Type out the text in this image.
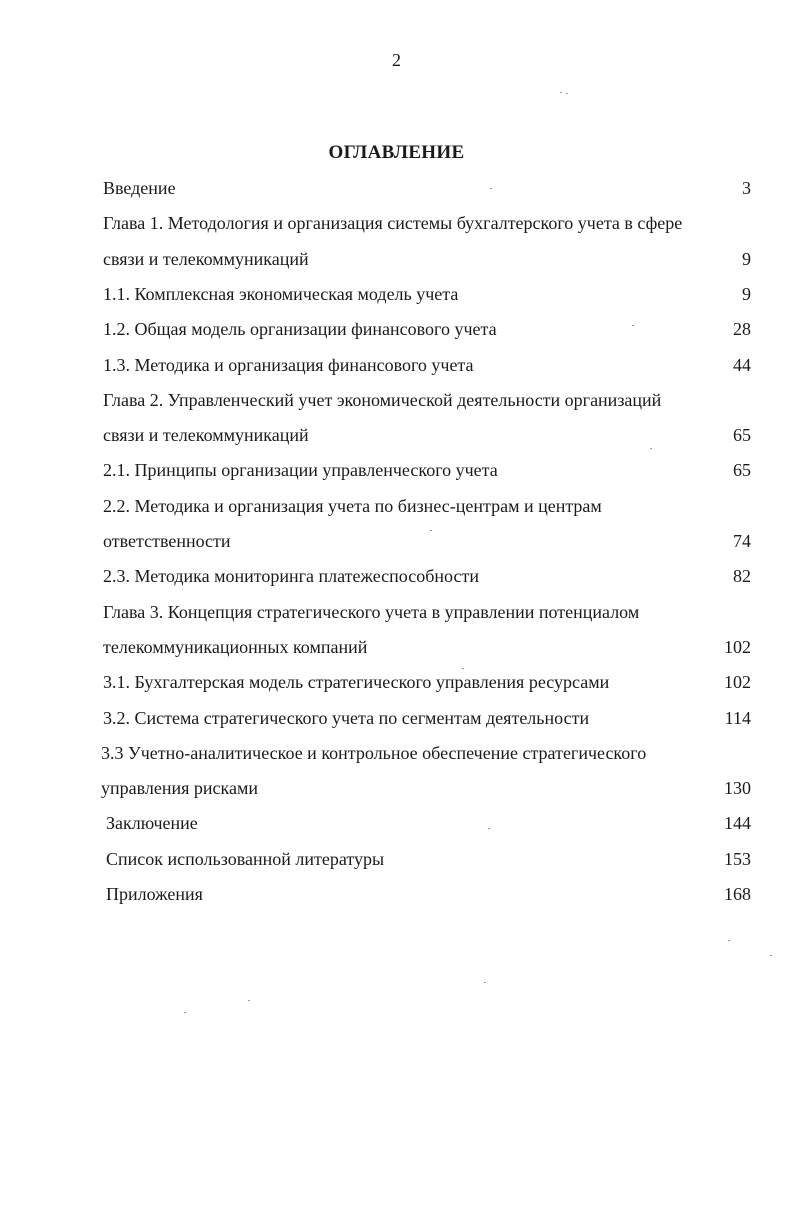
2
ОГЛАВЛЕНИЕ
Введение	3
Глава 1. Методология и организация системы бухгалтерского учета в сфере
связи и телекоммуникаций	9
1.1. Комплексная экономическая модель учета	9
1.2. Общая модель организации финансового учета	28
1.3. Методика и организация финансового учета	44
Глава 2. Управленческий учет экономической деятельности организаций
связи и телекоммуникаций	65
2.1. Принципы организации управленческого учета	65
2.2. Методика и организация учета по бизнес-центрам и центрам
ответственности	74
2.3. Методика мониторинга платежеспособности	82
Глава 3. Концепция стратегического учета в управлении потенциалом
телекоммуникационных компаний	102
3.1. Бухгалтерская модель стратегического управления ресурсами	102
3.2. Система стратегического учета по сегментам деятельности	114
3.3 Учетно-аналитическое и контрольное обеспечение стратегического
управления рисками	130
Заключение	144
Список использованной литературы	153
Приложения	168
